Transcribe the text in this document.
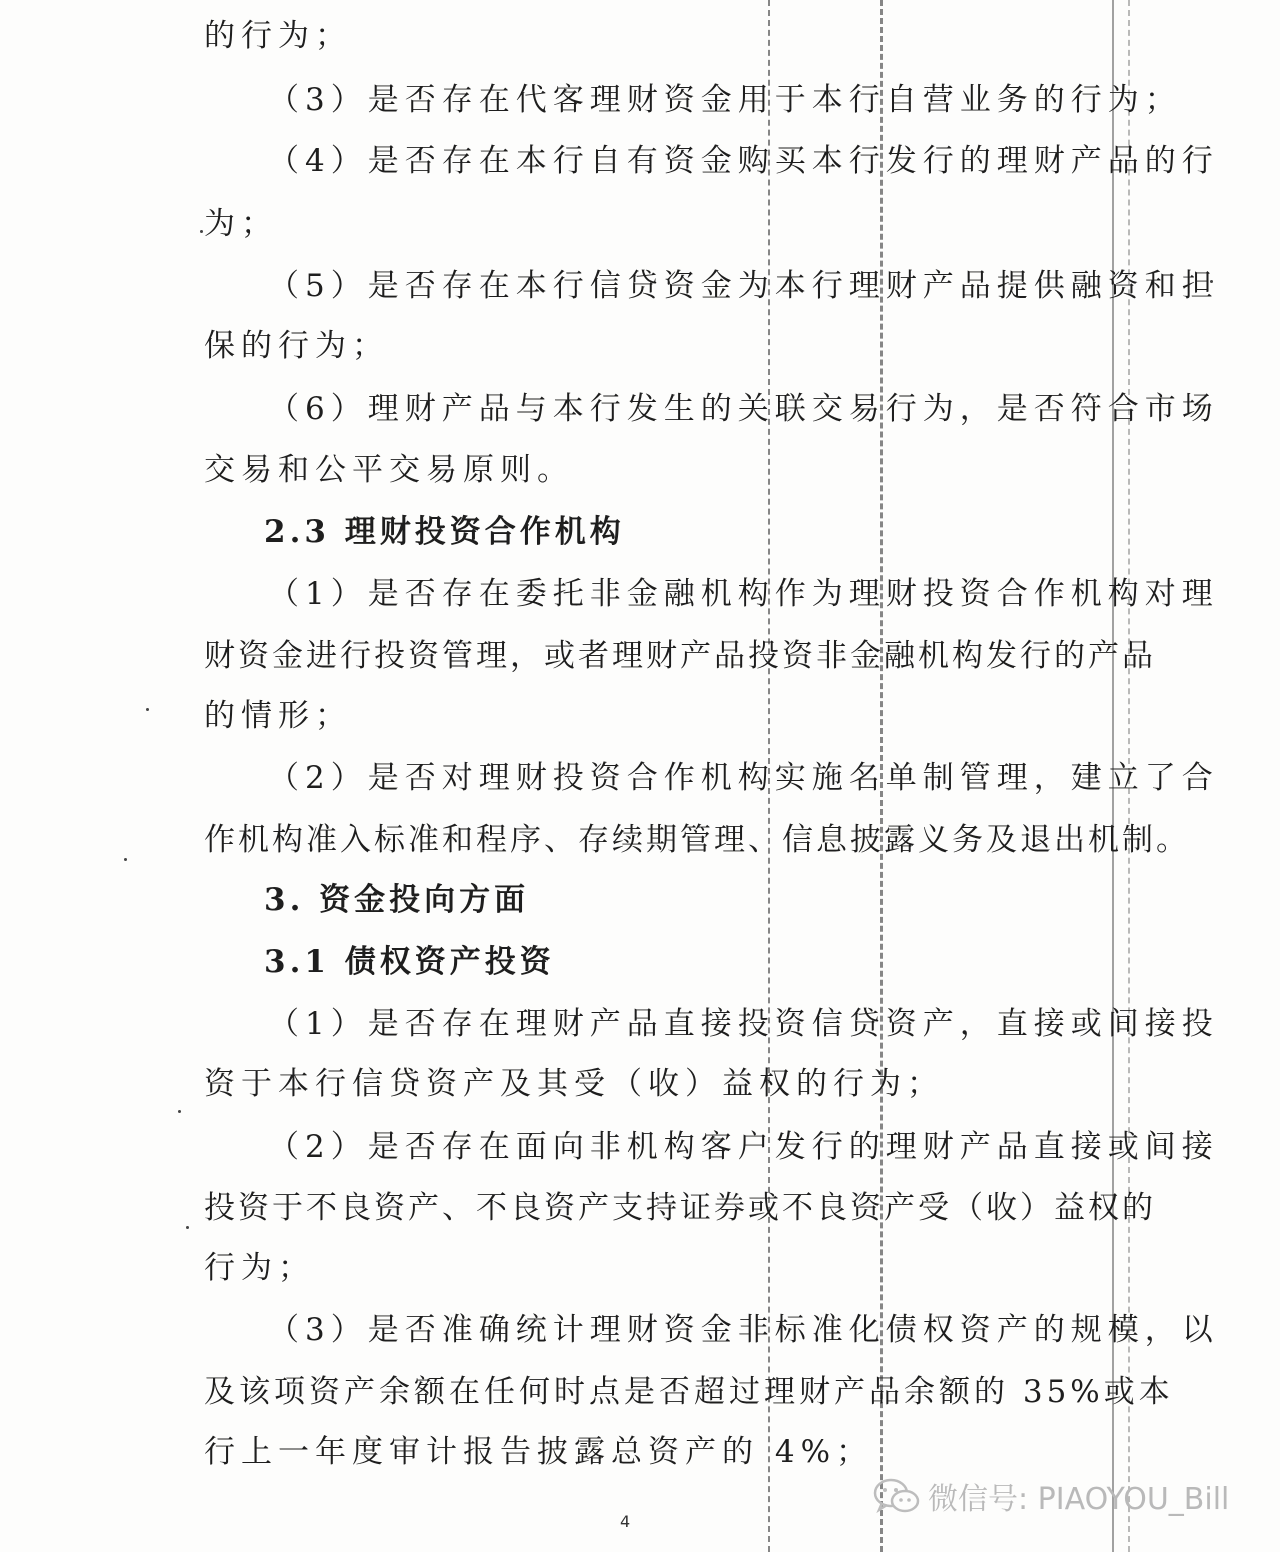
的行为；
（3）是否存在代客理财资金用于本行自营业务的行为；
（4）是否存在本行自有资金购买本行发行的理财产品的行
为；
（5）是否存在本行信贷资金为本行理财产品提供融资和担
保的行为；
（6）理财产品与本行发生的关联交易行为，是否符合市场
交易和公平交易原则。
2.3 理财投资合作机构
（1）是否存在委托非金融机构作为理财投资合作机构对理
财资金进行投资管理，或者理财产品投资非金融机构发行的产品
的情形；
（2）是否对理财投资合作机构实施名单制管理，建立了合
作机构准入标准和程序、存续期管理、信息披露义务及退出机制。
3. 资金投向方面
3.1 债权资产投资
（1）是否存在理财产品直接投资信贷资产，直接或间接投
资于本行信贷资产及其受（收）益权的行为；
（2）是否存在面向非机构客户发行的理财产品直接或间接
投资于不良资产、不良资产支持证券或不良资产受（收）益权的
行为；
（3）是否准确统计理财资金非标准化债权资产的规模，以
及该项资产余额在任何时点是否超过理财产品余额的 35%或本
行上一年度审计报告披露总资产的 4%；
微信号: PIAOYOU_Bill
4
